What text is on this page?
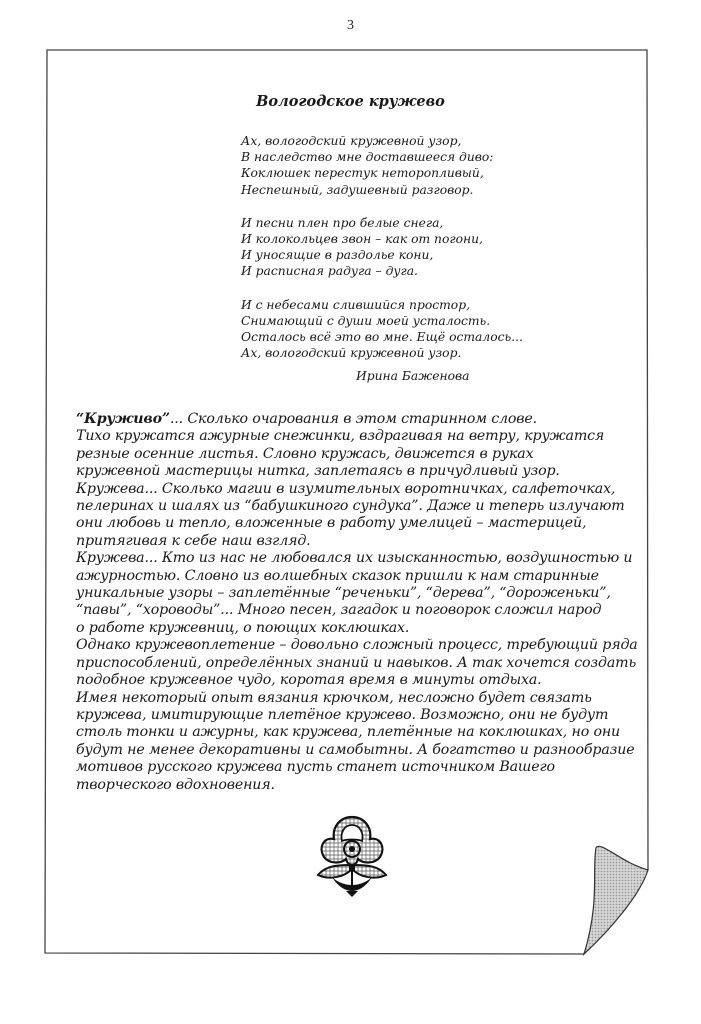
3
Вологодское кружево
Ах, вологодский кружевной узор,
В наследство мне доставшееся диво:
Коклюшек перестук неторопливый,
Неспешный, задушевный разговор.
И песни плен про белые снега,
И колокольцев звон – как от погони,
И уносящие в раздолье кони,
И расписная радуга – дуга.
И с небесами слившийся простор,
Снимающий с души моей усталость.
Осталось всё это во мне. Ещё осталось...
Ах, вологодский кружевной узор.
Ирина Баженова
“Круживо”... Сколько очарования в этом старинном слове.
Тихо кружатся ажурные снежинки, вздрагивая на ветру, кружатся
резные осенние листья. Словно кружась, движется в руках
кружевной мастерицы нитка, заплетаясь в причудливый узор.
Кружева... Сколько магии в изумительных воротничках, салфеточках,
пелеринах и шалях из “бабушкиного сундука”. Даже и теперь излучают
они любовь и тепло, вложенные в работу умелицей – мастерицей,
притягивая к себе наш взгляд.
Кружева... Кто из нас не любовался их изысканностью, воздушностью и
ажурностью. Словно из волшебных сказок пришли к нам старинные
уникальные узоры – заплетённые “реченьки”, “дерева”, “дороженьки”,
“павы”, “хороводы”... Много песен, загадок и поговорок сложил народ
о работе кружевниц, о поющих коклюшках.
Однако кружевоплетение – довольно сложный процесс, требующий ряда
приспособлений, определённых знаний и навыков. А так хочется создать
подобное кружевное чудо, коротая время в минуты отдыха.
Имея некоторый опыт вязания крючком, несложно будет связать
кружева, имитирующие плетёное кружево. Возможно, они не будут
столь тонки и ажурны, как кружева, плетённые на коклюшках, но они
будут не менее декоративны и самобытны. А богатство и разнообразие
мотивов русского кружева пусть станет источником Вашего
творческого вдохновения.
